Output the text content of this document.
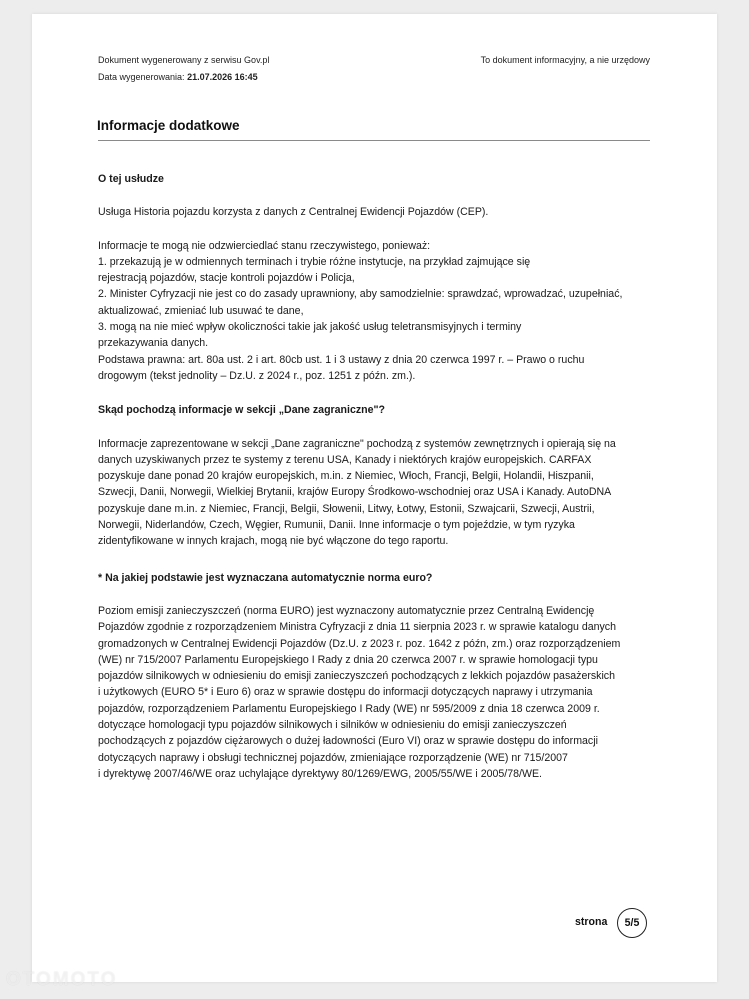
Dokument wygenerowany z serwisu Gov.pl
Data wygenerowania: 21.07.2026 16:45
To dokument informacyjny, a nie urzędowy
Informacje dodatkowe
O tej usłudze

Usługa Historia pojazdu korzysta z danych z Centralnej Ewidencji Pojazdów (CEP).

Informacje te mogą nie odzwierciedlać stanu rzeczywistego, ponieważ:
1. przekazują je w odmiennych terminach i trybie różne instytucje, na przykład zajmujące się
rejestracją pojazdów, stacje kontroli pojazdów i Policja,
2. Minister Cyfryzacji nie jest co do zasady uprawniony, aby samodzielnie: sprawdzać, wprowadzać, uzupełniać,
aktualizować, zmieniać lub usuwać te dane,
3. mogą na nie mieć wpływ okoliczności takie jak jakość usług teletransmisyjnych i terminy
przekazywania danych.
Podstawa prawna: art. 80a ust. 2 i art. 80cb ust. 1 i 3 ustawy z dnia 20 czerwca 1997 r. – Prawo o ruchu
drogowym (tekst jednolity – Dz.U. z 2024 r., poz. 1251 z późn. zm.).

Skąd pochodzą informacje w sekcji „Dane zagraniczne"?

Informacje zaprezentowane w sekcji „Dane zagraniczne" pochodzą z systemów zewnętrznych i opierają się na
danych uzyskiwanych przez te systemy z terenu USA, Kanady i niektórych krajów europejskich. CARFAX
pozyskuje dane ponad 20 krajów europejskich, m.in. z Niemiec, Włoch, Francji, Belgii, Holandii, Hiszpanii,
Szwecji, Danii, Norwegii, Wielkiej Brytanii, krajów Europy Środkowo-wschodniej oraz USA i Kanady. AutoDNA
pozyskuje dane m.in. z Niemiec, Francji, Belgii, Słowenii, Litwy, Łotwy, Estonii, Szwajcarii, Szwecji, Austrii,
Norwegii, Niderlandów, Czech, Węgier, Rumunii, Danii. Inne informacje o tym pojeździe, w tym ryzyka
zidentyfikowane w innych krajach, mogą nie być włączone do tego raportu.

* Na jakiej podstawie jest wyznaczana automatycznie norma euro?

Poziom emisji zanieczyszczeń (norma EURO) jest wyznaczony automatycznie przez Centralną Ewidencję
Pojazdów zgodnie z rozporządzeniem Ministra Cyfryzacji z dnia 11 sierpnia 2023 r. w sprawie katalogu danych
gromadzonych w Centralnej Ewidencji Pojazdów (Dz.U. z 2023 r. poz. 1642 z późn, zm.) oraz rozporządzeniem
(WE) nr 715/2007 Parlamentu Europejskiego I Rady z dnia 20 czerwca 2007 r. w sprawie homologacji typu
pojazdów silnikowych w odniesieniu do emisji zanieczyszczeń pochodzących z lekkich pojazdów pasażerskich
i użytkowych (EURO 5* i Euro 6) oraz w sprawie dostępu do informacji dotyczących naprawy i utrzymania
pojazdów, rozporządzeniem Parlamentu Europejskiego I Rady (WE) nr 595/2009 z dnia 18 czerwca 2009 r.
dotyczące homologacji typu pojazdów silnikowych i silników w odniesieniu do emisji zanieczyszczeń
pochodzących z pojazdów ciężarowych o dużej ładowności (Euro VI) oraz w sprawie dostępu do informacji
dotyczących naprawy i obsługi technicznej pojazdów, zmieniające rozporządzenie (WE) nr 715/2007
i dyrektywę 2007/46/WE oraz uchylające dyrektywy 80/1269/EWG, 2005/55/WE i 2005/78/WE.

strona 5/5
OTOMOTO
